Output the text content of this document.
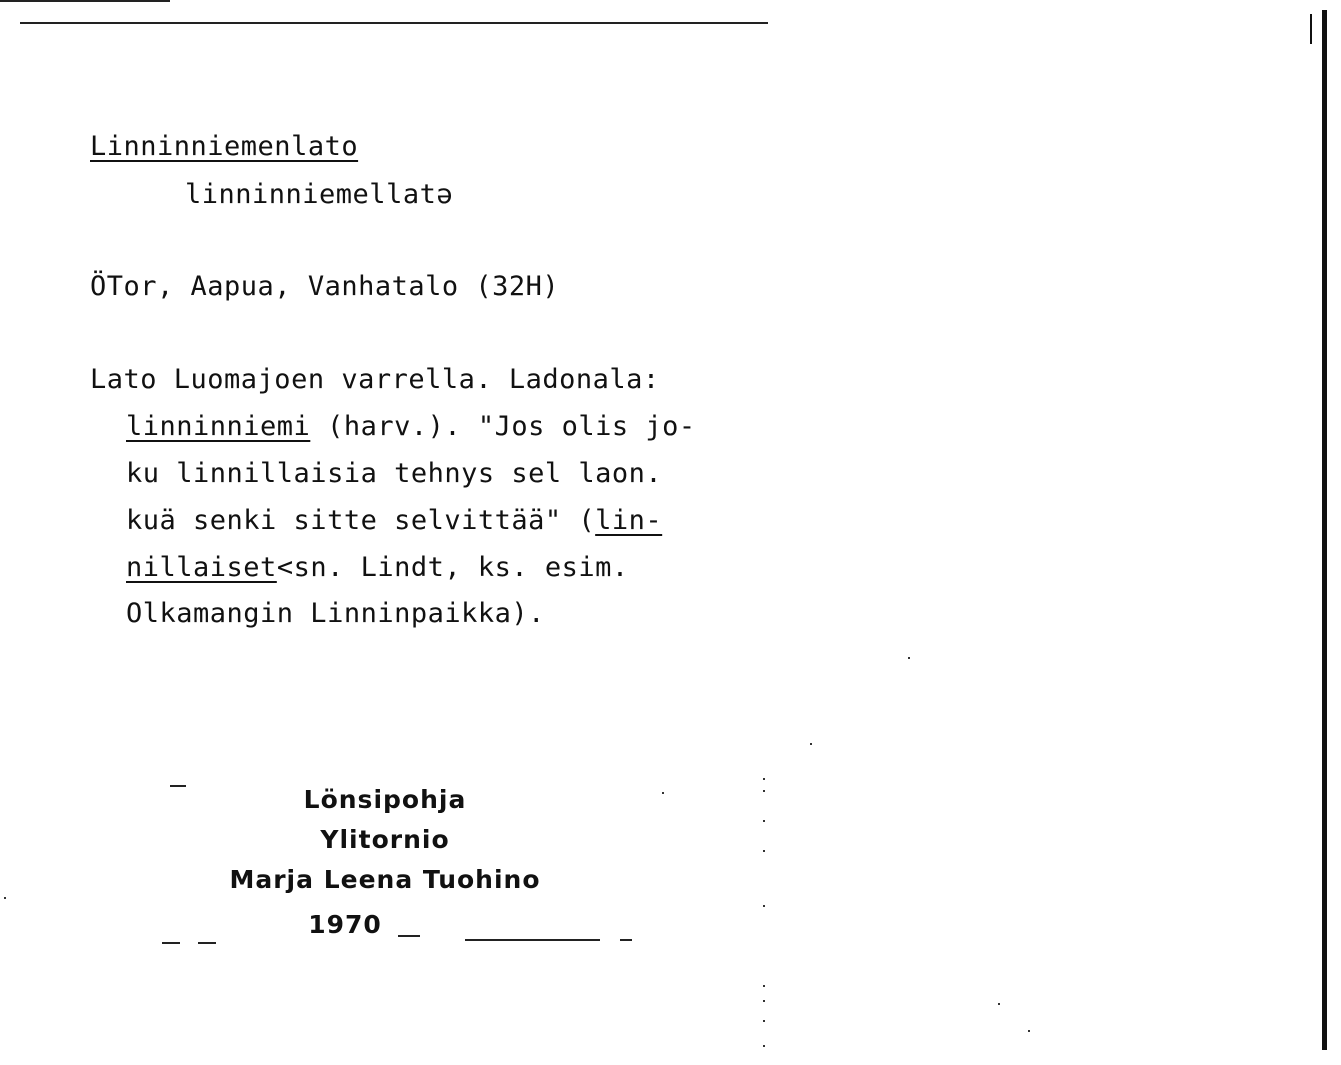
Linninniemenlato
linninniemellatə
ÖTor, Aapua, Vanhatalo (32H)
Lato Luomajoen varrella. Ladonala:
linninniemi (harv.). "Jos olis jo-
ku linnillaisia tehnys sel laon.
kuä senki sitte selvittää" (lin-
nillaiset<sn. Lindt, ks. esim.
Olkamangin Linninpaikka).
Lönsipohja
Ylitornio
Marja Leena Tuohino
1970
